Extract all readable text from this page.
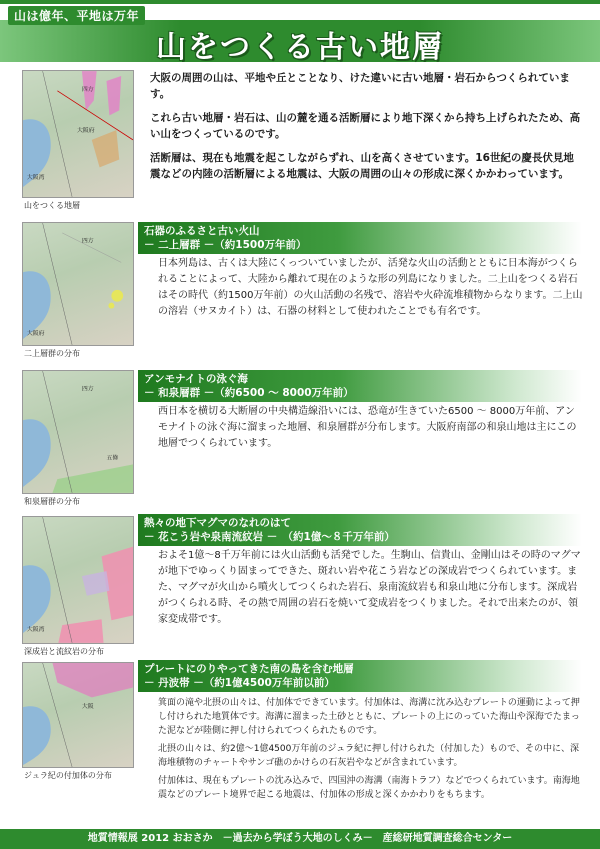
山は億年、平地は万年
山をつくる古い地層
四方
大阪湾
大阪府
山をつくる地層

大阪の周囲の山は、平地や丘とことなり、けた違いに古い地層・岩石からつくられています。

これら古い地層・岩石は、山の麓を通る活断層により地下深くから持ち上げられたため、高い山をつくっているのです。

活断層は、現在も地震を起こしながらずれ、山を高くさせています。16世紀の慶長伏見地震などの内陸の活断層による地震は、大阪の周囲の山々の形成に深くかかわっています。

四方
大阪府
二上層群の分布
石器のふるさと古い火山
－ 二上層群 －（約1500万年前）

日本列島は、古くは大陸にくっついていましたが、活発な火山の活動とともに日本海がつくられることによって、大陸から離れて現在のような形の列島になりました。二上山をつくる岩石はその時代（約1500万年前）の火山活動の名残で、溶岩や火砕流堆積物からなります。二上山の溶岩（サヌカイト）は、石器の材料として使われたことでも有名です。

四方
五條
和泉層群の分布
アンモナイトの泳ぐ海
－ 和泉層群 －（約6500 ～ 8000万年前）

西日本を横切る大断層の中央構造線沿いには、恐竜が生きていた6500 ～ 8000万年前、アンモナイトの泳ぐ海に溜まった地層、和泉層群が分布します。大阪府南部の和泉山地は主にこの地層でつくられています。

大阪湾
深成岩と流紋岩の分布
熱々の地下マグマのなれのはて
－ 花こう岩や泉南流紋岩 －　（約1億～８千万年前）

およそ1億～8千万年前には火山活動も活発でした。生駒山、信貴山、金剛山はその時のマグマが地下でゆっくり固まってできた、斑れい岩や花こう岩などの深成岩でつくられています。また、マグマが火山から噴火してつくられた岩石、泉南流紋岩も和泉山地に分布します。深成岩がつくられる時、その熱で周囲の岩石を焼いて変成岩をつくりました。それで出来たのが、領家変成帯です。

大阪
ジュラ紀の付加体の分布
プレートにのりやってきた南の島を含む地層
－ 丹波帯 －（約1億4500万年前以前）

箕面の滝や北摂の山々は、付加体でできています。付加体は、海溝に沈み込むプレートの運動によって押し付けられた地質体です。海溝に溜まった土砂とともに、プレートの上にのっていた海山や深海でたまった泥などが陸側に押し付けられてつくられたものです。

北摂の山々は、約2億～1億4500万年前のジュラ紀に押し付けられた（付加した）もので、その中に、深海堆積物のチャートやサンゴ礁のかけらの石灰岩やなどが含まれています。

付加体は、現在もプレートの沈み込みで、四国沖の海溝（南海トラフ）などでつくられています。南海地震などのプレート境界で起こる地震は、付加体の形成と深くかかわりをもちます。

地質情報展 2012 おおさか　－過去から学ぼう大地のしくみ－　産総研地質調査総合センター
